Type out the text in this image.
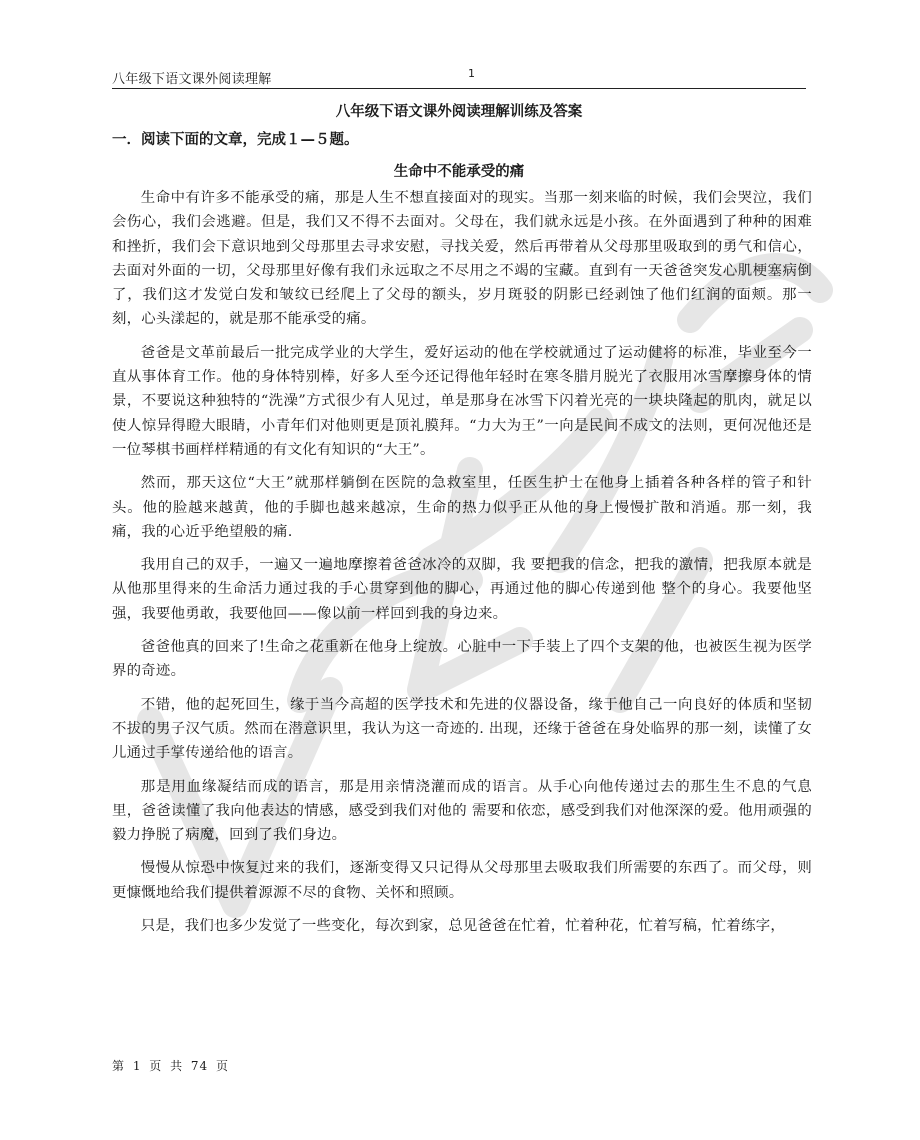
八年级下语文课外阅读理解	1
八年级下语文课外阅读理解训练及答案
一．阅读下面的文章，完成１—５题。
生命中不能承受的痛

生命中有许多不能承受的痛，那是人生不想直接面对的现实。当那一刻来临的时候，我们会哭泣，我们会伤心，我们会逃避。但是，我们又不得不去面对。父母在，我们就永远是小孩。在外面遇到了种种的困难和挫折，我们会下意识地到父母那里去寻求安慰，寻找关爱，然后再带着从父母那里吸取到的勇气和信心，去面对外面的一切，父母那里好像有我们永远取之不尽用之不竭的宝藏。直到有一天爸爸突发心肌梗塞病倒了，我们这才发觉白发和皱纹已经爬上了父母的额头，岁月斑驳的阴影已经剥蚀了他们红润的面颊。那一刻，心头漾起的，就是那不能承受的痛。

爸爸是文革前最后一批完成学业的大学生，爱好运动的他在学校就通过了运动健将的标准，毕业至今一直从事体育工作。他的身体特别棒，好多人至今还记得他年轻时在寒冬腊月脱光了衣服用冰雪摩擦身体的情景，不要说这种独特的“洗澡”方式很少有人见过，单是那身在冰雪下闪着光亮的一块块隆起的肌肉，就足以使人惊异得瞪大眼睛，小青年们对他则更是顶礼膜拜。“力大为王”一向是民间不成文的法则，更何况他还是一位琴棋书画样样精通的有文化有知识的“大王”。

然而，那天这位“大王”就那样躺倒在医院的急救室里，任医生护士在他身上插着各种各样的管子和针头。他的脸越来越黄，他的手脚也越来越凉，生命的热力似乎正从他的身上慢慢扩散和消遁。那一刻，我痛，我的心近乎绝望般的痛.

我用自己的双手，一遍又一遍地摩擦着爸爸冰冷的双脚，我 要把我的信念，把我的激情，把我原本就是从他那里得来的生命活力通过我的手心贯穿到他的脚心，再通过他的脚心传递到他 整个的身心。我要他坚强，我要他勇敢，我要他回——像以前一样回到我的身边来。

爸爸他真的回来了!生命之花重新在他身上绽放。心脏中一下手装上了四个支架的他，也被医生视为医学界的奇迹。

不错，他的起死回生，缘于当今高超的医学技术和先进的仪器设备，缘于他自己一向良好的体质和坚韧不拔的男子汉气质。然而在潜意识里，我认为这一奇迹的. 出现，还缘于爸爸在身处临界的那一刻，读懂了女儿通过手掌传递给他的语言。

那是用血缘凝结而成的语言，那是用亲情浇灌而成的语言。从手心向他传递过去的那生生不息的气息里，爸爸读懂了我向他表达的情感，感受到我们对他的 需要和依恋，感受到我们对他深深的爱。他用顽强的毅力挣脱了病魔，回到了我们身边。

慢慢从惊恐中恢复过来的我们，逐渐变得又只记得从父母那里去吸取我们所需要的东西了。而父母，则更慷慨地给我们提供着源源不尽的食物、关怀和照顾。

只是，我们也多少发觉了一些变化，每次到家，总见爸爸在忙着，忙着种花，忙着写稿，忙着练字，

第 1 页 共 74 页
